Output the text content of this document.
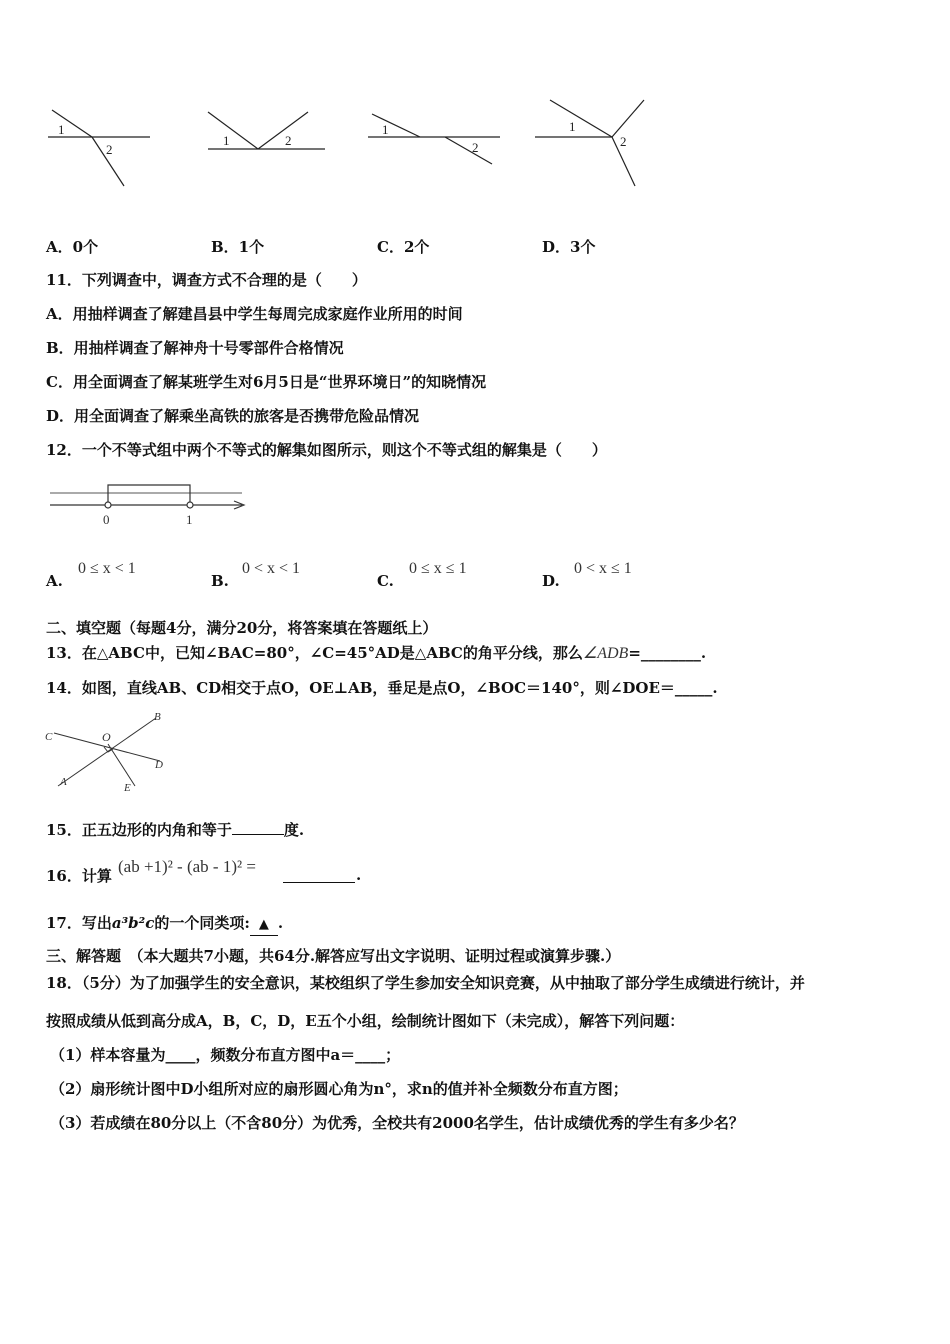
1
2
1	2
1
2
1
2
A．0个	B．1个	C．2个	D．3个
11．下列调查中，调查方式不合理的是（　　）
A．用抽样调查了解建昌县中学生每周完成家庭作业所用的时间
B．用抽样调查了解神舟十号零部件合格情况
C．用全面调查了解某班学生对6月5日是“世界环境日”的知晓情况
D．用全面调查了解乘坐高铁的旅客是否携带危险品情况
12．一个不等式组中两个不等式的解集如图所示，则这个不等式组的解集是（　　）
0	1
A.
0 ≤ x < 1
B.
0 < x < 1
C.
0 ≤ x ≤ 1
D.
0 < x ≤ 1
二、填空题（每题4分，满分20分，将答案填在答题纸上）
13．在△ABC中，已知∠BAC=80°，∠C=45°AD是△ABC的角平分线，那么∠ADB=________.
14．如图，直线AB、CD相交于点O，OE⊥AB，垂足是点O，∠BOC＝140°，则∠DOE＝_____.
B
C	O
D
A	E
15．正五边形的内角和等于	度.
16．计算 (ab +1)² - (ab - 1)² =	.
17．写出a³b²c的一个同类项: ▲ .
三、解答题　（本大题共7小题，共64分.解答应写出文字说明、证明过程或演算步骤.）
18．（5分）为了加强学生的安全意识，某校组织了学生参加安全知识竞赛，从中抽取了部分学生成绩进行统计，并
按照成绩从低到高分成A，B，C，D，E五个小组，绘制统计图如下（未完成），解答下列问题：
（1）样本容量为____，频数分布直方图中a＝____；
（2）扇形统计图中D小组所对应的扇形圆心角为n°，求n的值并补全频数分布直方图；
（3）若成绩在80分以上（不含80分）为优秀，全校共有2000名学生，估计成绩优秀的学生有多少名？
